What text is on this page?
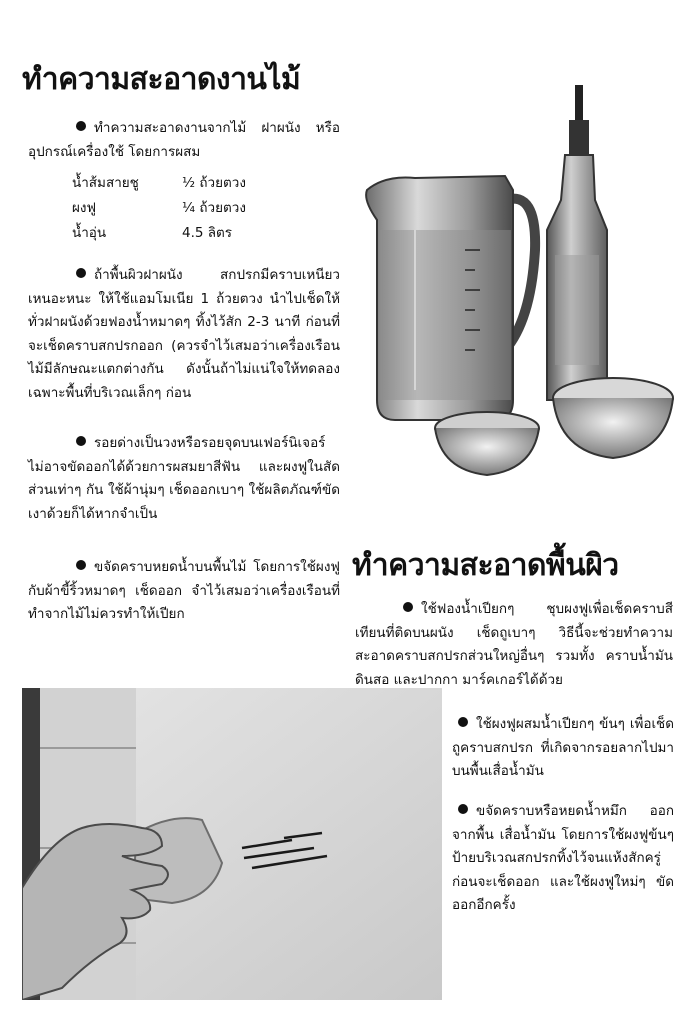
ทำความสะอาดงานไม้

ทำความสะอาดงานจากไม้ ฝาผนัง หรืออุปกรณ์เครื่องใช้ โดยการผสม

น้ำส้มสายชู	¹⁄₂ ถ้วยตวง
ผงฟู	¹⁄₄ ถ้วยตวง
น้ำอุ่น	4.5 ลิตร

ถ้าพื้นผิวฝาผนัง สกปรกมีคราบเหนียวเหนอะหนะ ให้ใช้แอมโมเนีย 1 ถ้วยตวง นำไปเช็ดให้ทั่วฝาผนังด้วยฟองน้ำหมาดๆ ทิ้งไว้สัก 2-3 นาที ก่อนที่จะเช็ดคราบสกปรกออก (ควรจำไว้เสมอว่าเครื่องเรือนไม้มีลักษณะแตกต่างกัน ดังนั้นถ้าไม่แน่ใจให้ทดลองเฉพาะพื้นที่บริเวณเล็กๆ ก่อน

รอยด่างเป็นวงหรือรอยจุดบนเฟอร์นิเจอร์ไม่อาจขัดออกได้ด้วยการผสมยาสีฟัน และผงฟูในสัดส่วนเท่าๆ กัน ใช้ผ้านุ่มๆ เช็ดออกเบาๆ ใช้ผลิตภัณฑ์ขัดเงาด้วยก็ได้หากจำเป็น

ขจัดคราบหยดน้ำบนพื้นไม้ โดยการใช้ผงฟูกับผ้าขี้ริ้วหมาดๆ เช็ดออก จำไว้เสมอว่าเครื่องเรือนที่ทำจากไม้ไม่ควรทำให้เปียก

ทำความสะอาดพื้นผิว

ใช้ฟองน้ำเปียกๆ ชุบผงฟูเพื่อเช็ดคราบสีเทียนที่ติดบนผนัง เช็ดถูเบาๆ วิธีนี้จะช่วยทำความสะอาดคราบสกปรกส่วนใหญ่อื่นๆ รวมทั้ง คราบน้ำมันดินสอ และปากกา มาร์คเกอร์ได้ด้วย

ใช้ผงฟูผสมน้ำเปียกๆ ข้นๆ เพื่อเช็ดถูคราบสกปรก ที่เกิดจากรอยลากไปมาบนพื้นเสื่อน้ำมัน

ขจัดคราบหรือหยดน้ำหมึก ออกจากพื้น เสื่อน้ำมัน โดยการใช้ผงฟูข้นๆ ป้ายบริเวณสกปรกทิ้งไว้จนแห้งสักครู่ ก่อนจะเช็ดออก และใช้ผงฟูใหม่ๆ ขัดออกอีกครั้ง
